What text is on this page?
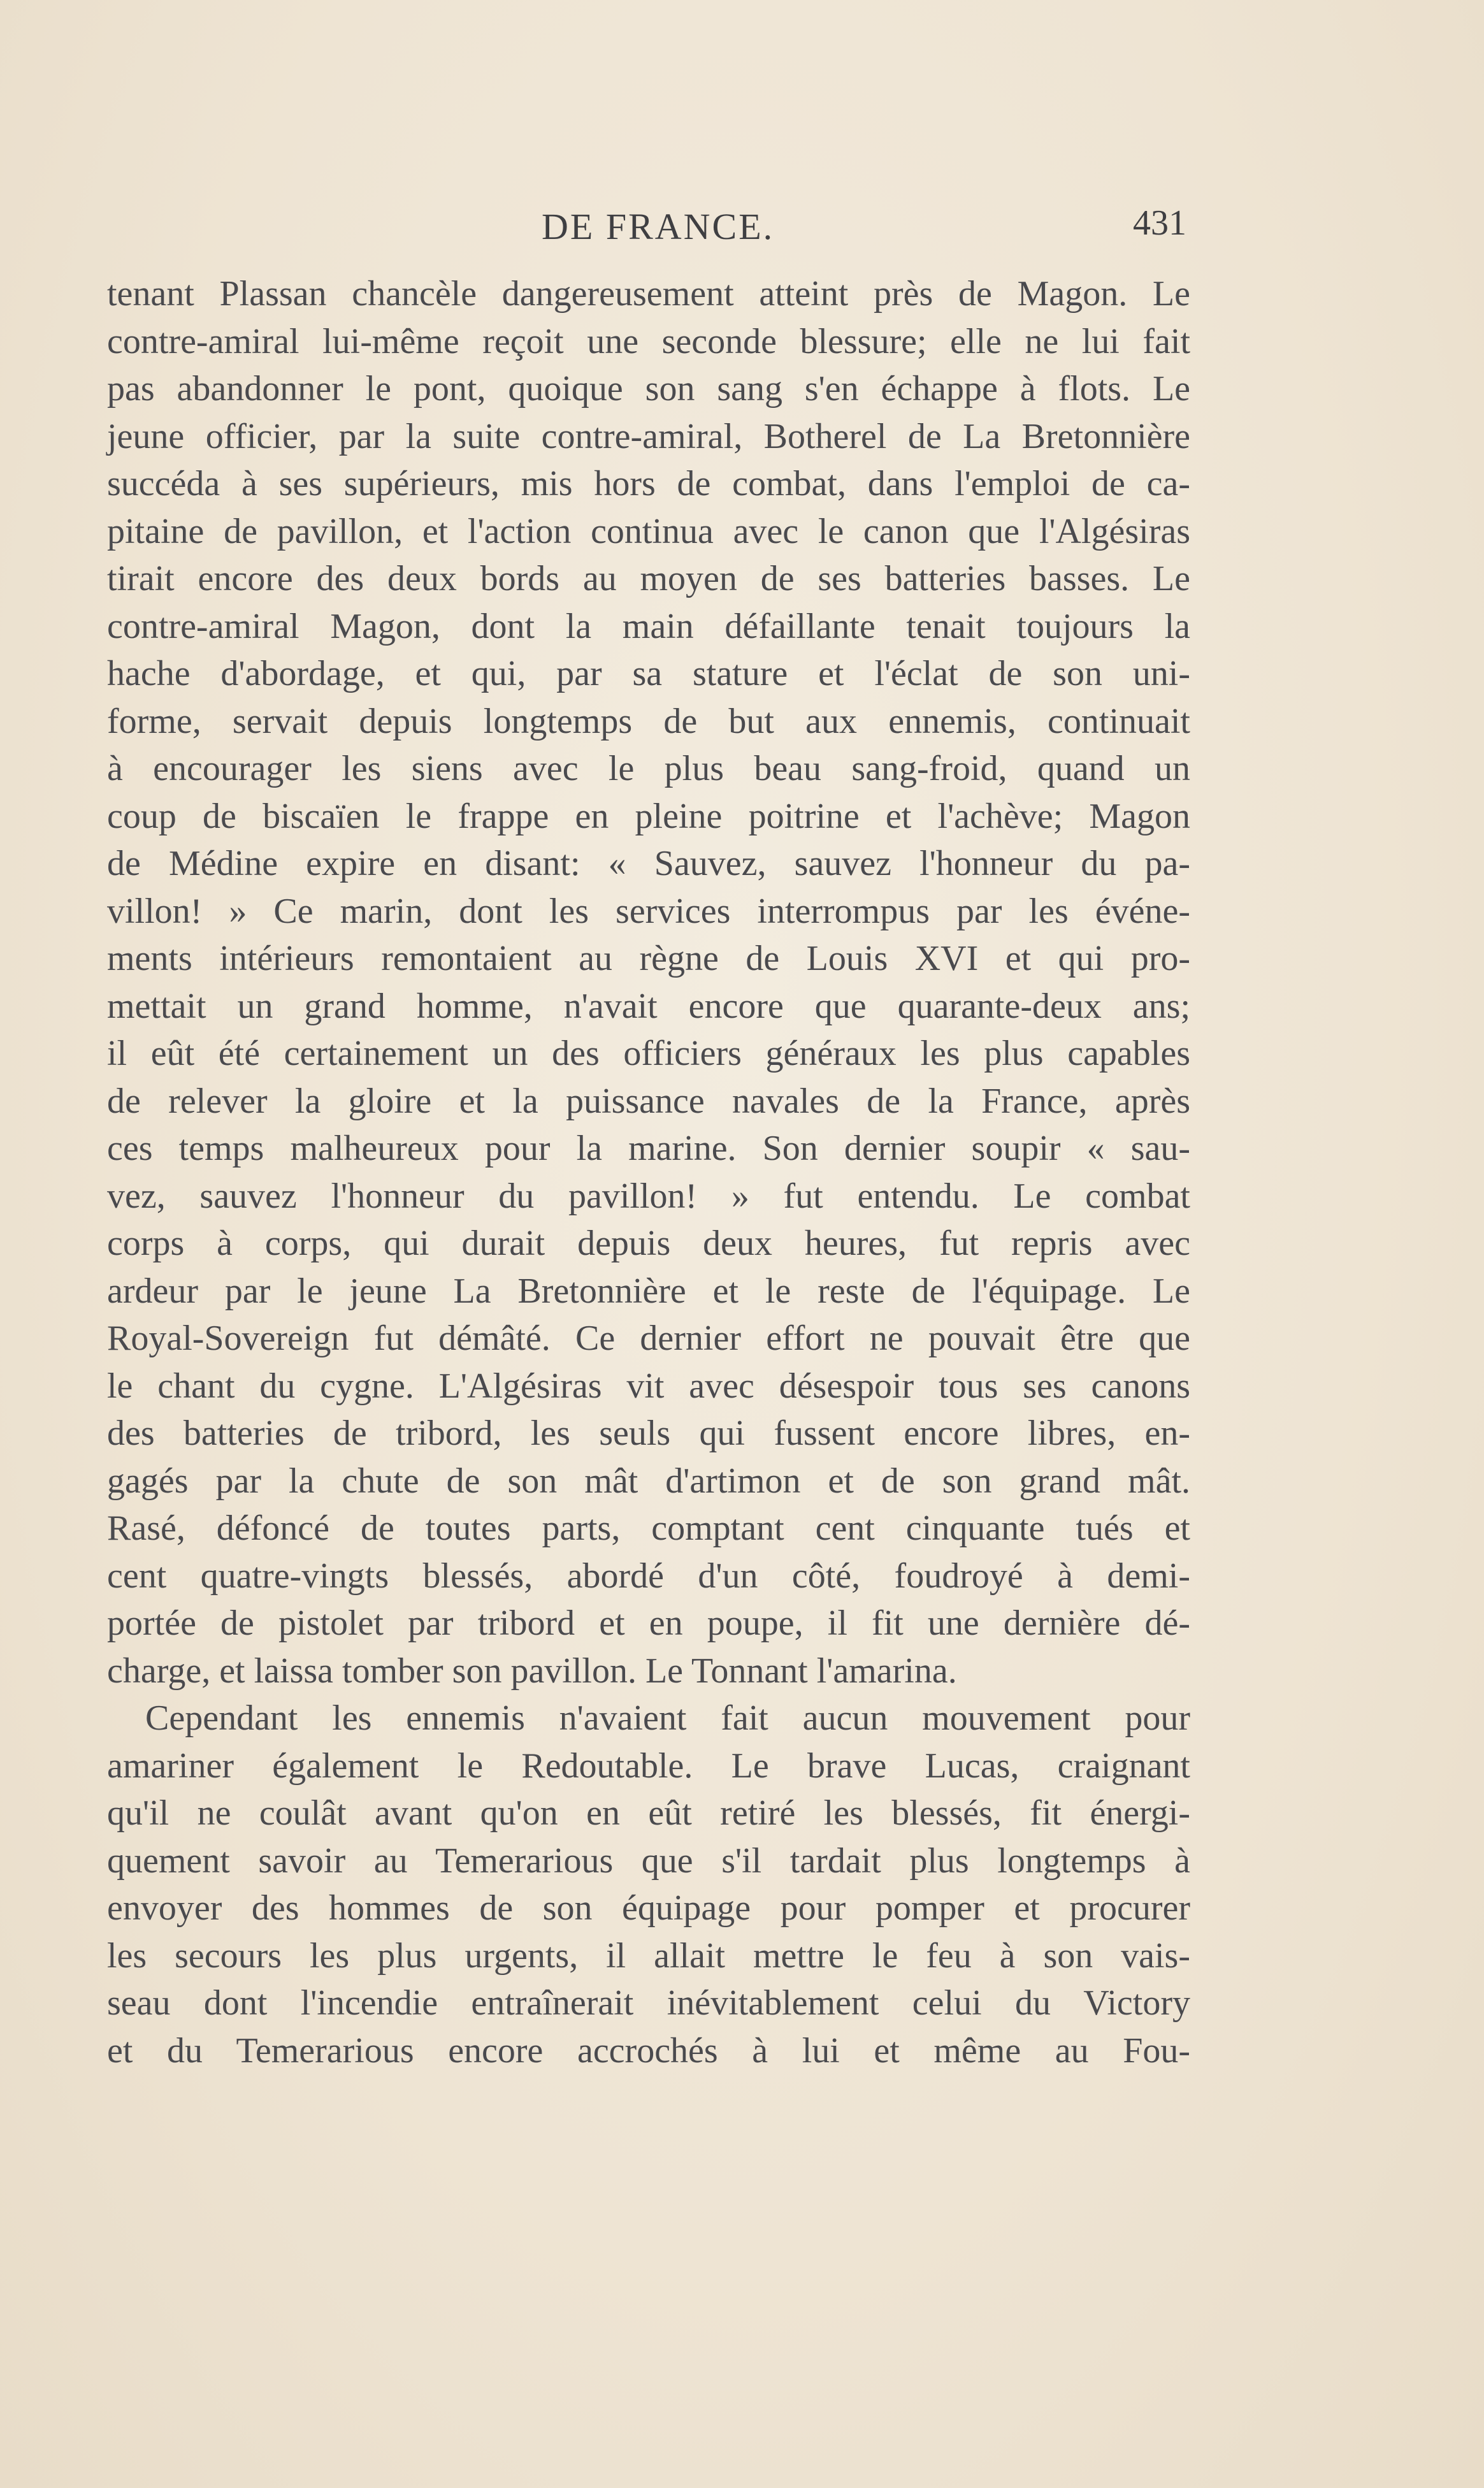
DE FRANCE.	431
tenant Plassan chancèle dangereusement atteint près de Magon. Le
contre-amiral lui-même reçoit une seconde blessure; elle ne lui fait
pas abandonner le pont, quoique son sang s'en échappe à flots. Le
jeune officier, par la suite contre-amiral, Botherel de La Bretonnière
succéda à ses supérieurs, mis hors de combat, dans l'emploi de ca-
pitaine de pavillon, et l'action continua avec le canon que l'Algésiras
tirait encore des deux bords au moyen de ses batteries basses. Le
contre-amiral Magon, dont la main défaillante tenait toujours la
hache d'abordage, et qui, par sa stature et l'éclat de son uni-
forme, servait depuis longtemps de but aux ennemis, continuait
à encourager les siens avec le plus beau sang-froid, quand un
coup de biscaïen le frappe en pleine poitrine et l'achève; Magon
de Médine expire en disant: « Sauvez, sauvez l'honneur du pa-
villon! » Ce marin, dont les services interrompus par les événe-
ments intérieurs remontaient au règne de Louis XVI et qui pro-
mettait un grand homme, n'avait encore que quarante-deux ans;
il eût été certainement un des officiers généraux les plus capables
de relever la gloire et la puissance navales de la France, après
ces temps malheureux pour la marine. Son dernier soupir « sau-
vez, sauvez l'honneur du pavillon! » fut entendu. Le combat
corps à corps, qui durait depuis deux heures, fut repris avec
ardeur par le jeune La Bretonnière et le reste de l'équipage. Le
Royal-Sovereign fut démâté. Ce dernier effort ne pouvait être que
le chant du cygne. L'Algésiras vit avec désespoir tous ses canons
des batteries de tribord, les seuls qui fussent encore libres, en-
gagés par la chute de son mât d'artimon et de son grand mât.
Rasé, défoncé de toutes parts, comptant cent cinquante tués et
cent quatre-vingts blessés, abordé d'un côté, foudroyé à demi-
portée de pistolet par tribord et en poupe, il fit une dernière dé-
charge, et laissa tomber son pavillon. Le Tonnant l'amarina.
Cependant les ennemis n'avaient fait aucun mouvement pour
amariner également le Redoutable. Le brave Lucas, craignant
qu'il ne coulât avant qu'on en eût retiré les blessés, fit énergi-
quement savoir au Temerarious que s'il tardait plus longtemps à
envoyer des hommes de son équipage pour pomper et procurer
les secours les plus urgents, il allait mettre le feu à son vais-
seau dont l'incendie entraînerait inévitablement celui du Victory
et du Temerarious encore accrochés à lui et même au Fou-
